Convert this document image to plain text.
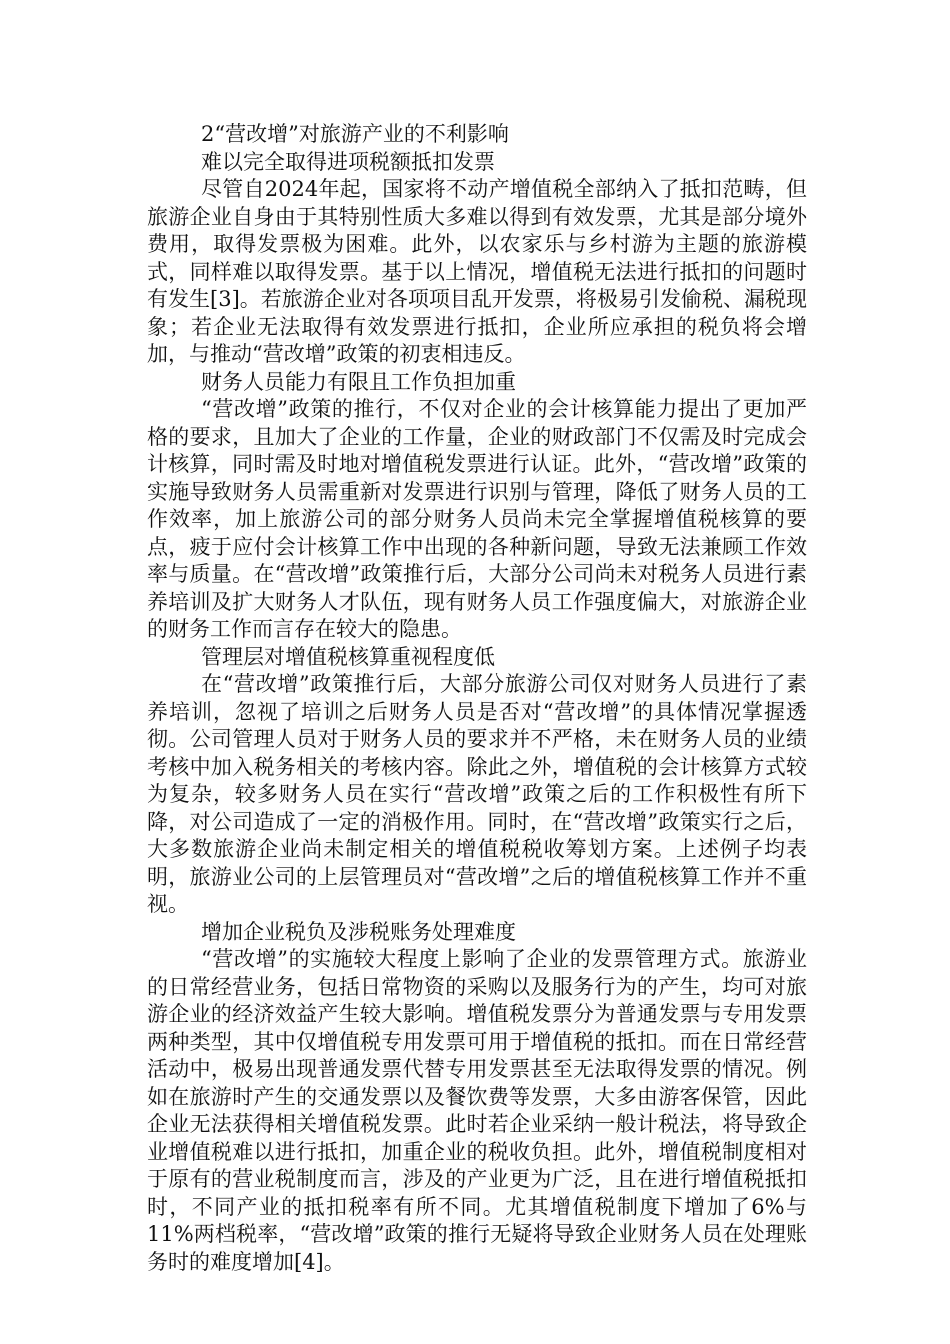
2“营改增”对旅游产业的不利影响
难以完全取得进项税额抵扣发票

尽管自2024年起，国家将不动产增值税全部纳入了抵扣范畴，但旅游企业自身由于其特别性质大多难以得到有效发票，尤其是部分境外费用，取得发票极为困难。此外，以农家乐与乡村游为主题的旅游模式，同样难以取得发票。基于以上情况，增值税无法进行抵扣的问题时有发生[3]。若旅游企业对各项项目乱开发票，将极易引发偷税、漏税现象；若企业无法取得有效发票进行抵扣，企业所应承担的税负将会增加，与推动“营改增”政策的初衷相违反。

财务人员能力有限且工作负担加重

“营改增”政策的推行，不仅对企业的会计核算能力提出了更加严格的要求，且加大了企业的工作量，企业的财政部门不仅需及时完成会计核算，同时需及时地对增值税发票进行认证。此外，“营改增”政策的实施导致财务人员需重新对发票进行识别与管理，降低了财务人员的工作效率，加上旅游公司的部分财务人员尚未完全掌握增值税核算的要点，疲于应付会计核算工作中出现的各种新问题，导致无法兼顾工作效率与质量。在“营改增”政策推行后，大部分公司尚未对税务人员进行素养培训及扩大财务人才队伍，现有财务人员工作强度偏大，对旅游企业的财务工作而言存在较大的隐患。

管理层对增值税核算重视程度低

在“营改增”政策推行后，大部分旅游公司仅对财务人员进行了素养培训，忽视了培训之后财务人员是否对“营改增”的具体情况掌握透彻。公司管理人员对于财务人员的要求并不严格，未在财务人员的业绩考核中加入税务相关的考核内容。除此之外，增值税的会计核算方式较为复杂，较多财务人员在实行“营改增”政策之后的工作积极性有所下降，对公司造成了一定的消极作用。同时，在“营改增”政策实行之后，大多数旅游企业尚未制定相关的增值税税收筹划方案。上述例子均表明，旅游业公司的上层管理员对“营改增”之后的增值税核算工作并不重视。

增加企业税负及涉税账务处理难度

“营改增”的实施较大程度上影响了企业的发票管理方式。旅游业的日常经营业务，包括日常物资的采购以及服务行为的产生，均可对旅游企业的经济效益产生较大影响。增值税发票分为普通发票与专用发票两种类型，其中仅增值税专用发票可用于增值税的抵扣。而在日常经营活动中，极易出现普通发票代替专用发票甚至无法取得发票的情况。例如在旅游时产生的交通发票以及餐饮费等发票，大多由游客保管，因此企业无法获得相关增值税发票。此时若企业采纳一般计税法，将导致企业增值税难以进行抵扣，加重企业的税收负担。此外，增值税制度相对于原有的营业税制度而言，涉及的产业更为广泛，且在进行增值税抵扣时，不同产业的抵扣税率有所不同。尤其增值税制度下增加了6%与11%两档税率，“营改增”政策的推行无疑将导致企业财务人员在处理账务时的难度增加[4]。
